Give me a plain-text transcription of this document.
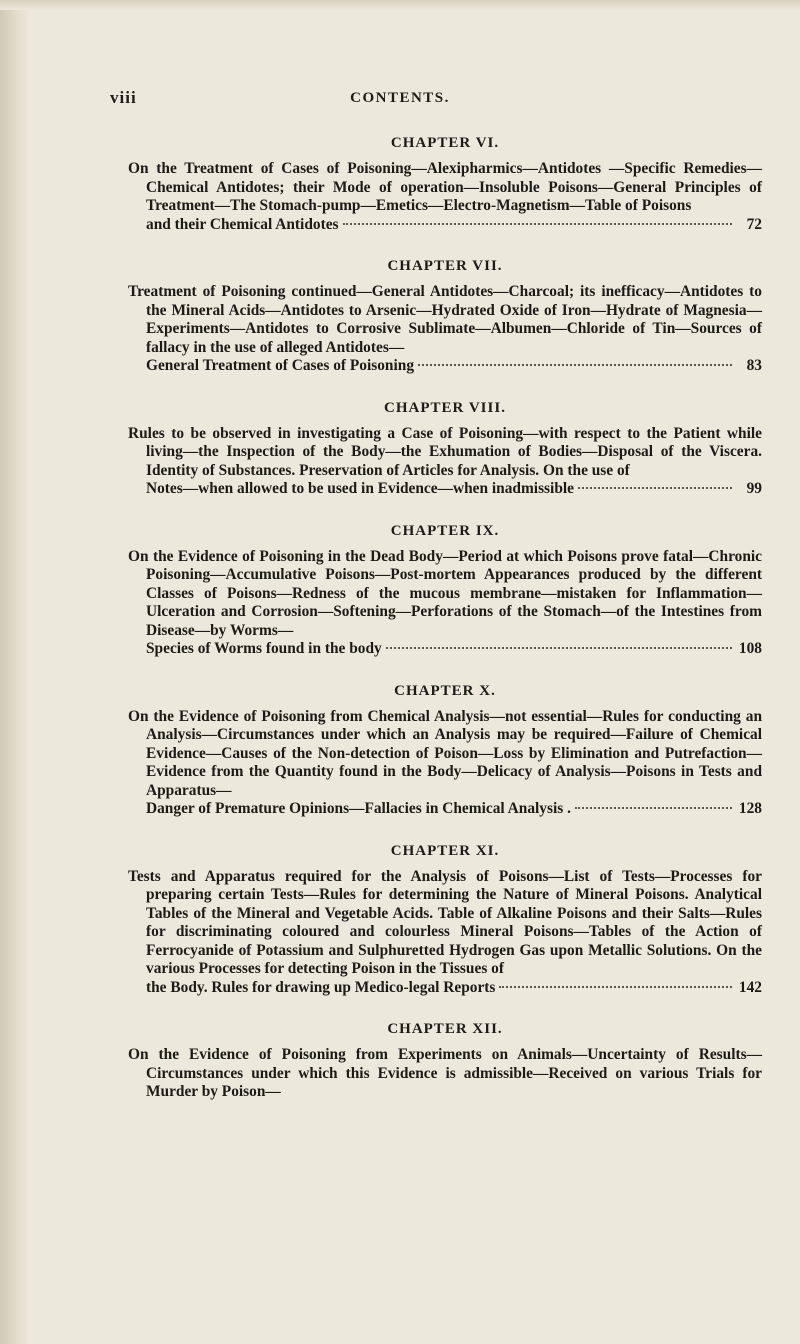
viii	CONTENTS.
CHAPTER VI.
On the Treatment of Cases of Poisoning—Alexipharmics—Antidotes —Specific Remedies—Chemical Antidotes; their Mode of operation—Insoluble Poisons—General Principles of Treatment—The Stomach-pump—Emetics—Electro-Magnetism—Table of Poisons
and their Chemical Antidotes	72
CHAPTER VII.
Treatment of Poisoning continued—General Antidotes—Charcoal; its inefficacy—Antidotes to the Mineral Acids—Antidotes to Arsenic—Hydrated Oxide of Iron—Hydrate of Magnesia—Experiments—Antidotes to Corrosive Sublimate—Albumen—Chloride of Tin—Sources of fallacy in the use of alleged Antidotes—
General Treatment of Cases of Poisoning	83
CHAPTER VIII.
Rules to be observed in investigating a Case of Poisoning—with respect to the Patient while living—the Inspection of the Body—the Exhumation of Bodies—Disposal of the Viscera. Identity of Substances. Preservation of Articles for Analysis. On the use of
Notes—when allowed to be used in Evidence—when inadmissible	99
CHAPTER IX.
On the Evidence of Poisoning in the Dead Body—Period at which Poisons prove fatal—Chronic Poisoning—Accumulative Poisons—Post-mortem Appearances produced by the different Classes of Poisons—Redness of the mucous membrane—mistaken for Inflammation—Ulceration and Corrosion—Softening—Perforations of the Stomach—of the Intestines from Disease—by Worms—
Species of Worms found in the body	108
CHAPTER X.
On the Evidence of Poisoning from Chemical Analysis—not essential—Rules for conducting an Analysis—Circumstances under which an Analysis may be required—Failure of Chemical Evidence—Causes of the Non-detection of Poison—Loss by Elimination and Putrefaction—Evidence from the Quantity found in the Body—Delicacy of Analysis—Poisons in Tests and Apparatus—
Danger of Premature Opinions—Fallacies in Chemical Analysis .	128
CHAPTER XI.
Tests and Apparatus required for the Analysis of Poisons—List of Tests—Processes for preparing certain Tests—Rules for determining the Nature of Mineral Poisons. Analytical Tables of the Mineral and Vegetable Acids. Table of Alkaline Poisons and their Salts—Rules for discriminating coloured and colourless Mineral Poisons—Tables of the Action of Ferrocyanide of Potassium and Sulphuretted Hydrogen Gas upon Metallic Solutions. On the various Processes for detecting Poison in the Tissues of
the Body. Rules for drawing up Medico-legal Reports	142
CHAPTER XII.
On the Evidence of Poisoning from Experiments on Animals—Uncertainty of Results—Circumstances under which this Evidence is admissible—Received on various Trials for Murder by Poison—
